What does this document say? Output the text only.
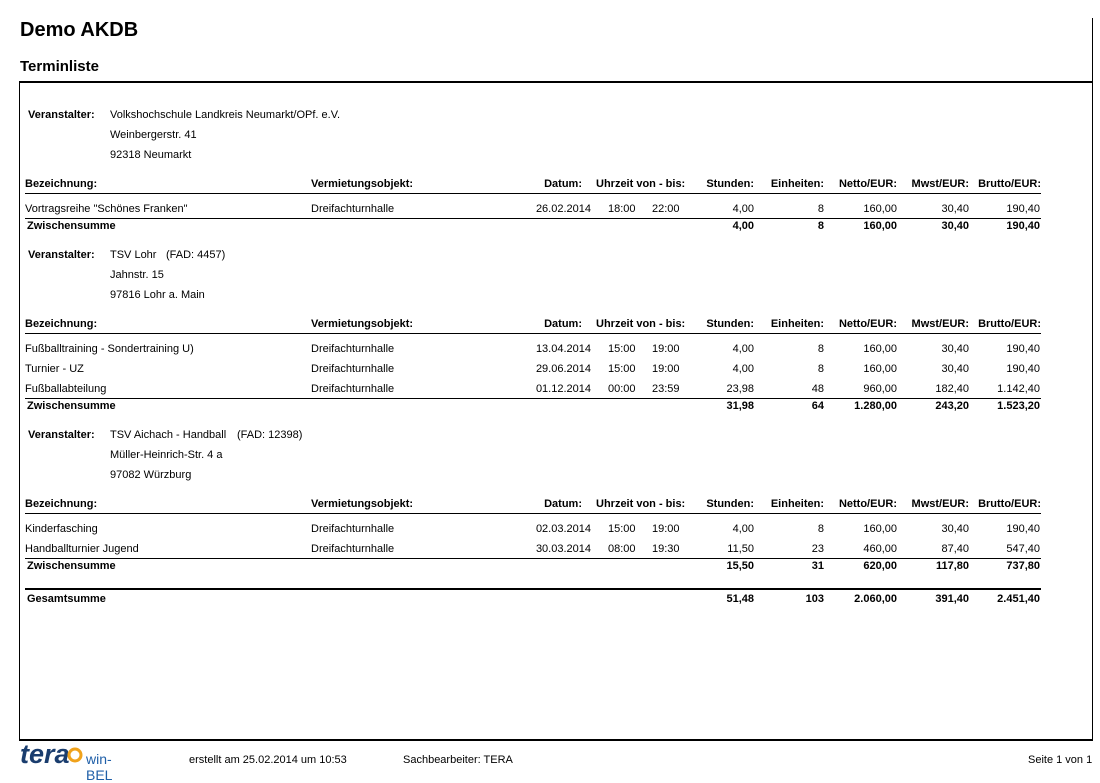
Demo AKDB
Terminliste
Veranstalter: Volkshochschule Landkreis Neumarkt/OPf. e.V.
Weinbergerstr. 41
92318 Neumarkt
Bezeichnung:	Vermietungsobjekt:	Datum: Uhrzeit von - bis:	Stunden:	Einheiten:	Netto/EUR:	Mwst/EUR: Brutto/EUR:
Vortragsreihe "Schönes Franken"	Dreifachturnhalle	26.02.2014 18:00 22:00	4,00	8	160,00	30,40	190,40
Zwischensumme	4,00	8	160,00	30,40	190,40
Veranstalter: TSV Lohr (FAD: 4457)
Jahnstr. 15
97816 Lohr a. Main
Bezeichnung:	Vermietungsobjekt:	Datum: Uhrzeit von - bis:	Stunden:	Einheiten:	Netto/EUR:	Mwst/EUR: Brutto/EUR:
Fußballtraining - Sondertraining U)	Dreifachturnhalle	13.04.2014 15:00 19:00	4,00	8	160,00	30,40	190,40
Turnier - UZ	Dreifachturnhalle	29.06.2014 15:00 19:00	4,00	8	160,00	30,40	190,40
Fußballabteilung	Dreifachturnhalle	01.12.2014 00:00 23:59	23,98	48	960,00	182,40	1.142,40
Zwischensumme	31,98	64	1.280,00	243,20	1.523,20
Veranstalter: TSV Aichach - Handball (FAD: 12398)
Müller-Heinrich-Str. 4 a
97082 Würzburg
Bezeichnung:	Vermietungsobjekt:	Datum: Uhrzeit von - bis:	Stunden:	Einheiten:	Netto/EUR:	Mwst/EUR: Brutto/EUR:
Kinderfasching	Dreifachturnhalle	02.03.2014 15:00 19:00	4,00	8	160,00	30,40	190,40
Handballturnier Jugend	Dreifachturnhalle	30.03.2014 08:00 19:30	11,50	23	460,00	87,40	547,40
Zwischensumme	15,50	31	620,00	117,80	737,80
Gesamtsumme	51,48	103	2.060,00	391,40	2.451,40
tera win-BEL
erstellt am 25.02.2014 um 10:53	Sachbearbeiter: TERA	Seite 1 von 1
